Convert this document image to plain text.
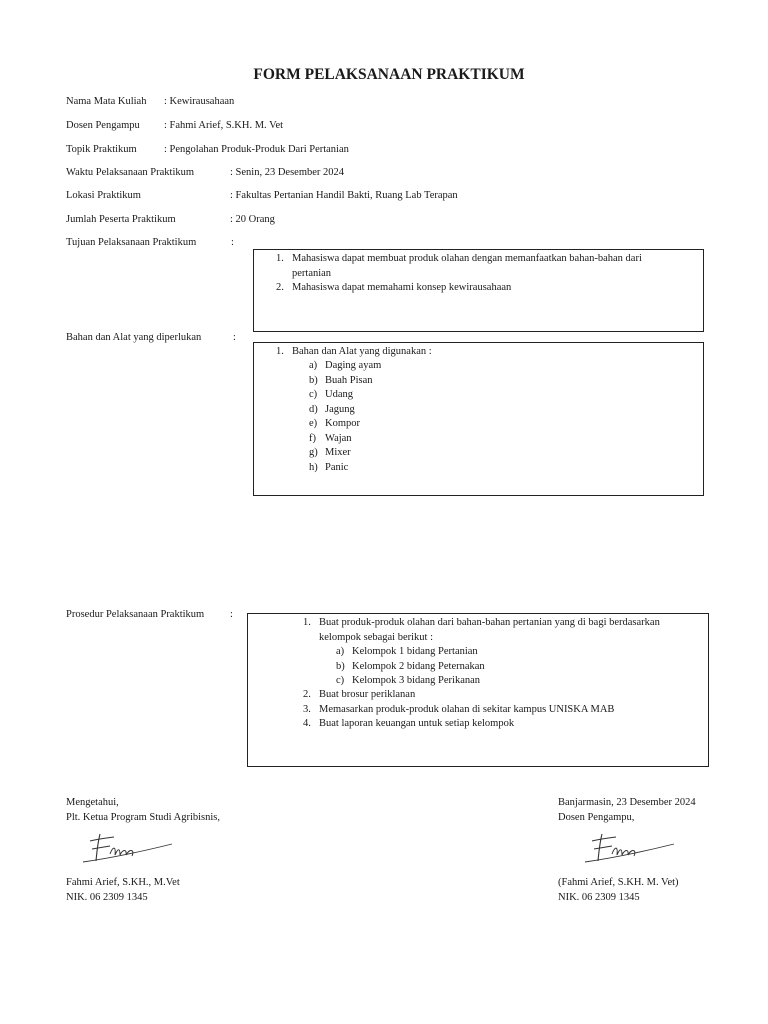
FORM PELAKSANAAN PRAKTIKUM
Nama Mata Kuliah : Kewirausahaan
Dosen Pengampu : Fahmi Arief, S.KH. M. Vet
Topik Praktikum	: Pengolahan Produk-Produk Dari Pertanian
Waktu Pelaksanaan Praktikum	: Senin, 23 Desember 2024
Lokasi Praktikum	: Fakultas Pertanian Handil Bakti, Ruang Lab Terapan
Jumlah Peserta Praktikum	: 20 Orang
Tujuan Pelaksanaan Praktikum	:
1. Mahasiswa dapat membuat produk olahan dengan memanfaatkan bahan-bahan dari
pertanian
2. Mahasiswa dapat memahami konsep kewirausahaan
Bahan dan Alat yang diperlukan	:
1. Bahan dan Alat yang digunakan :
a) Daging ayam
b) Buah Pisan
c) Udang
d) Jagung
e) Kompor
f) Wajan
g) Mixer
h) Panic
Prosedur Pelaksanaan Praktikum :
1. Buat produk-produk olahan dari bahan-bahan pertanian yang di bagi berdasarkan
kelompok sebagai berikut :
a) Kelompok 1 bidang Pertanian
b) Kelompok 2 bidang Peternakan
c) Kelompok 3 bidang Perikanan
2. Buat brosur periklanan
3. Memasarkan produk-produk olahan di sekitar kampus UNISKA MAB
4. Buat laporan keuangan untuk setiap kelompok
Mengetahui,
Plt. Ketua Program Studi Agribisnis,
Fahmi Arief, S.KH., M.Vet
NIK. 06 2309 1345
Banjarmasin, 23 Desember 2024
Dosen Pengampu,
(Fahmi Arief, S.KH. M. Vet)
NIK. 06 2309 1345
